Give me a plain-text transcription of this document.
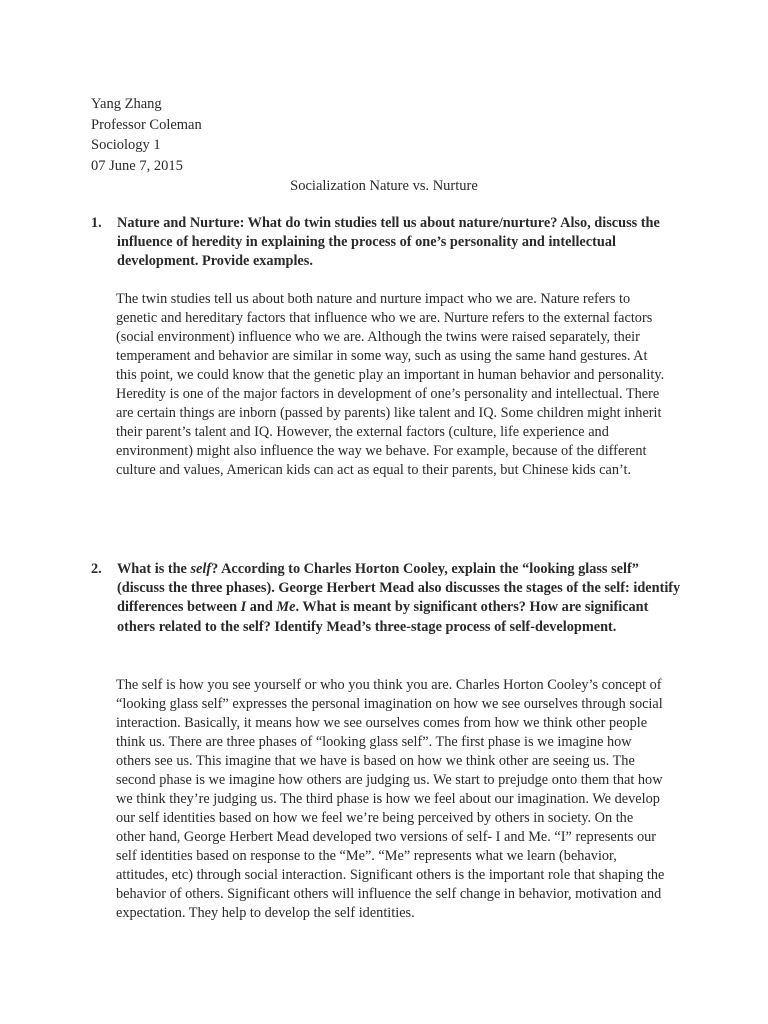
Yang Zhang
Professor Coleman
Sociology 1
07 June 7, 2015
Socialization Nature vs. Nurture
1. Nature and Nurture: What do twin studies tell us about nature/nurture? Also, discuss the influence of heredity in explaining the process of one’s personality and intellectual development. Provide examples.

The twin studies tell us about both nature and nurture impact who we are. Nature refers to genetic and hereditary factors that influence who we are. Nurture refers to the external factors (social environment) influence who we are. Although the twins were raised separately, their temperament and behavior are similar in some way, such as using the same hand gestures. At this point, we could know that the genetic play an important in human behavior and personality. Heredity is one of the major factors in development of one’s personality and intellectual. There are certain things are inborn (passed by parents) like talent and IQ. Some children might inherit their parent’s talent and IQ. However, the external factors (culture, life experience and environment) might also influence the way we behave. For example, because of the different culture and values, American kids can act as equal to their parents, but Chinese kids can’t.

2. What is the self? According to Charles Horton Cooley, explain the “looking glass self” (discuss the three phases). George Herbert Mead also discusses the stages of the self: identify differences between I and Me. What is meant by significant others? How are significant others related to the self? Identify Mead’s three-stage process of self-development.

The self is how you see yourself or who you think you are. Charles Horton Cooley’s concept of “looking glass self” expresses the personal imagination on how we see ourselves through social interaction. Basically, it means how we see ourselves comes from how we think other people think us. There are three phases of “looking glass self”. The first phase is we imagine how others see us. This imagine that we have is based on how we think other are seeing us. The second phase is we imagine how others are judging us. We start to prejudge onto them that how we think they’re judging us. The third phase is how we feel about our imagination. We develop our self identities based on how we feel we’re being perceived by others in society. On the other hand, George Herbert Mead developed two versions of self- I and Me. “I” represents our self identities based on response to the “Me”. “Me” represents what we learn (behavior, attitudes, etc) through social interaction. Significant others is the important role that shaping the behavior of others. Significant others will influence the self change in behavior, motivation and expectation. They help to develop the self identities.
